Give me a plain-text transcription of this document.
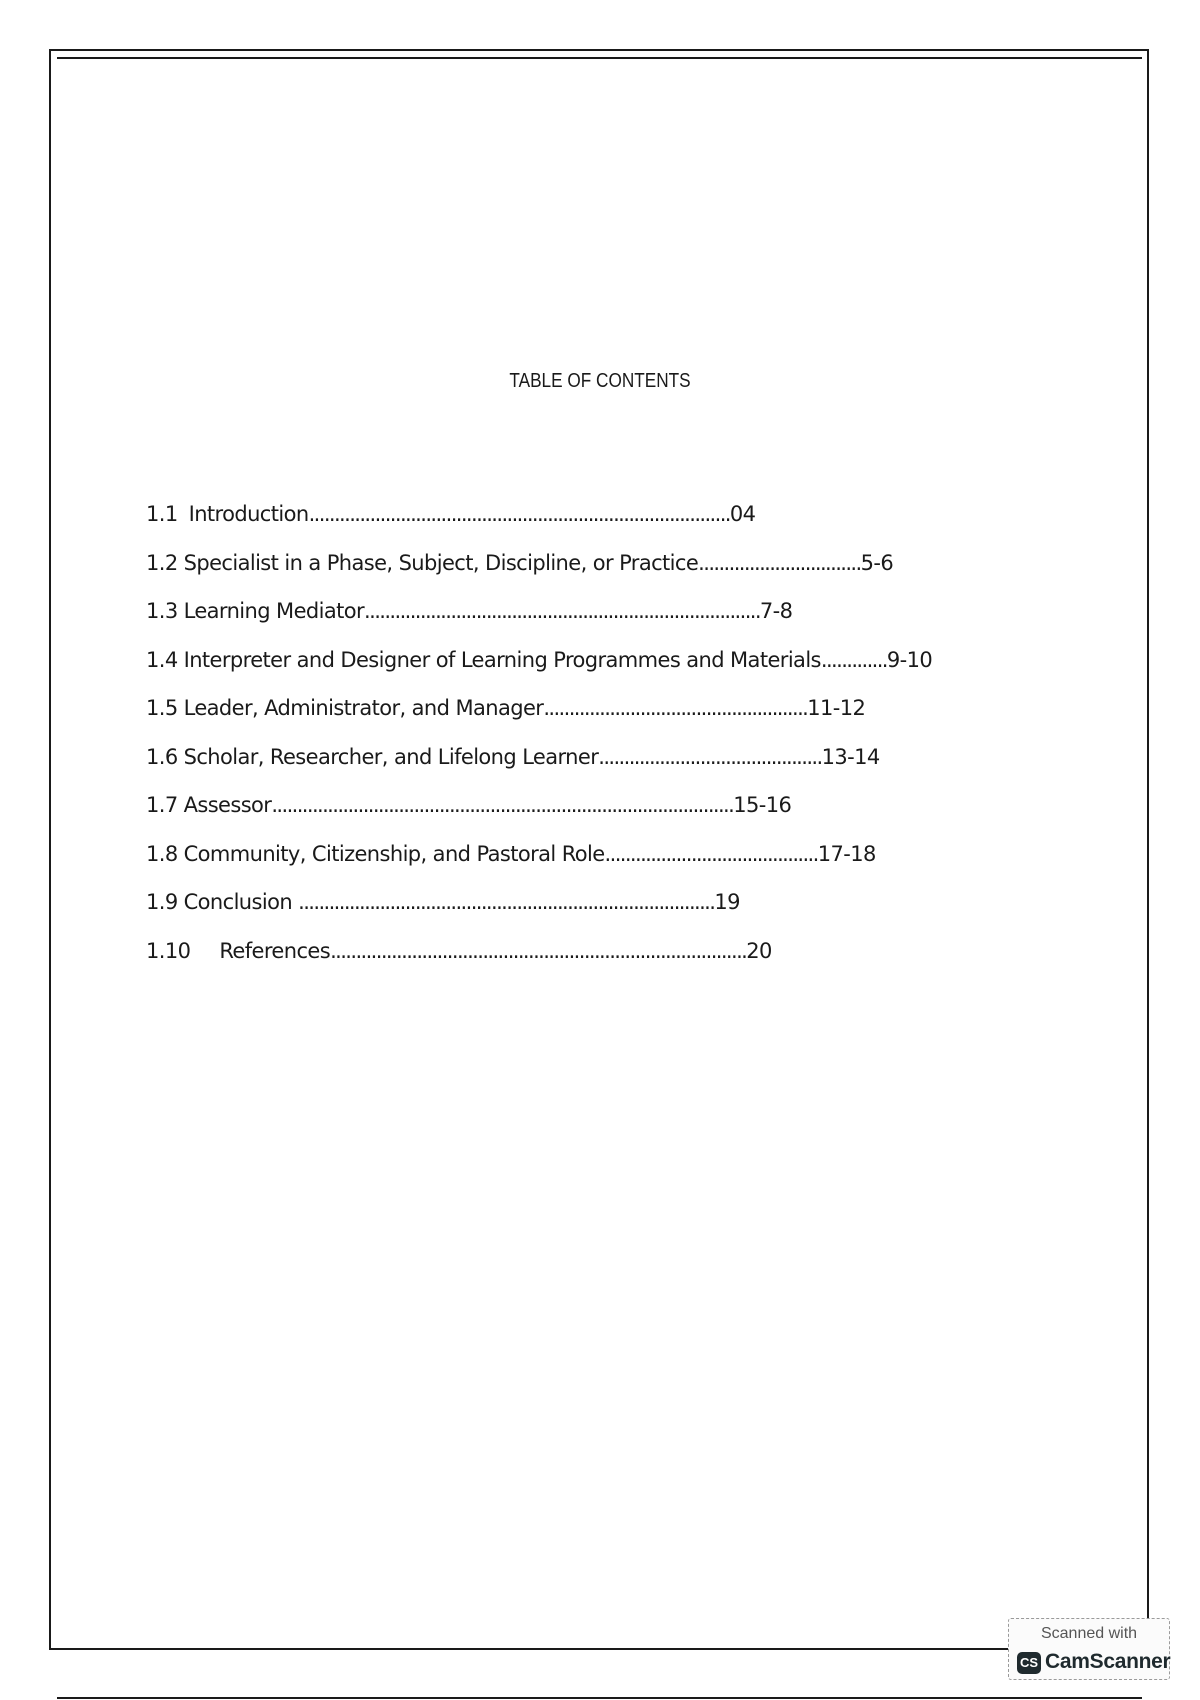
TABLE OF CONTENTS
1.1 Introduction...................................................................................04
1.2 Specialist in a Phase, Subject, Discipline, or Practice................................5-6
1.3 Learning Mediator..............................................................................7-8
1.4 Interpreter and Designer of Learning Programmes and Materials.............9-10
1.5 Leader, Administrator, and Manager....................................................11-12
1.6 Scholar, Researcher, and Lifelong Learner............................................13-14
1.7 Assessor...........................................................................................15-16
1.8 Community, Citizenship, and Pastoral Role..........................................17-18
1.9 Conclusion ..................................................................................19
1.10 References..................................................................................20
Scanned with
CS CamScanner
